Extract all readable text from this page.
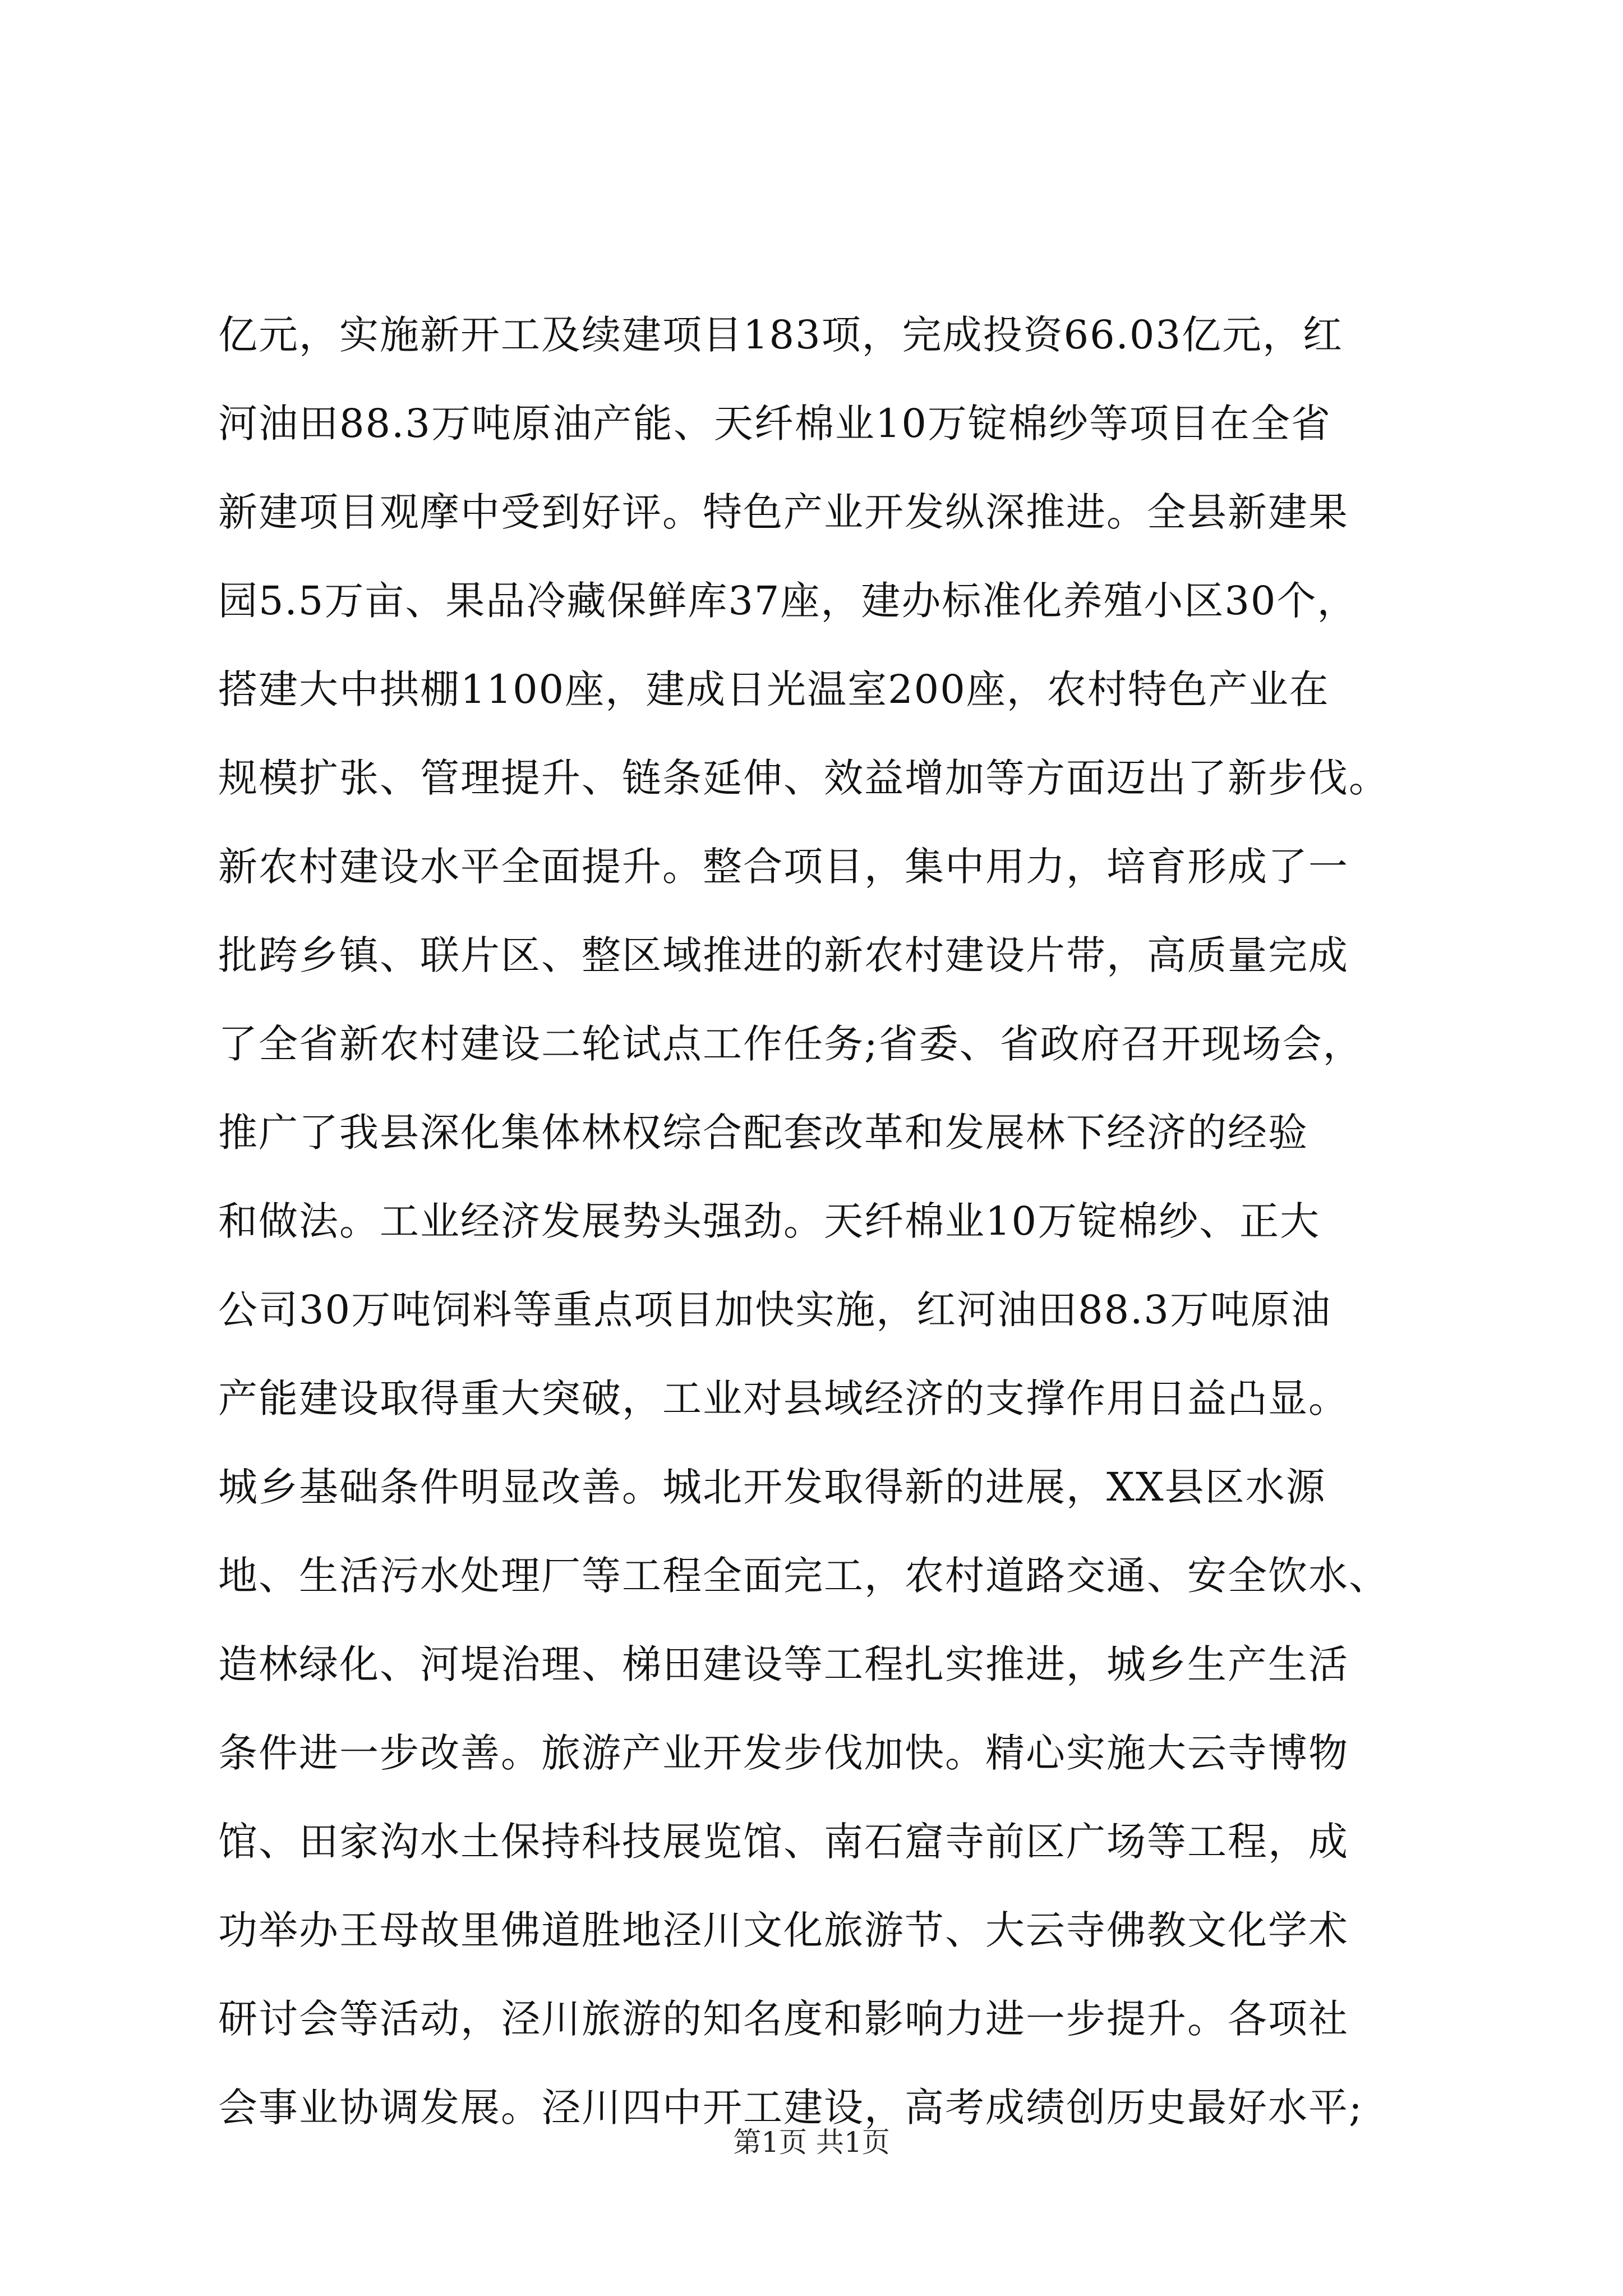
亿元，实施新开工及续建项目183项，完成投资66.03亿元，红
河油田88.3万吨原油产能、天纤棉业10万锭棉纱等项目在全省
新建项目观摩中受到好评。特色产业开发纵深推进。全县新建果
园5.5万亩、果品冷藏保鲜库37座，建办标准化养殖小区30个，
搭建大中拱棚1100座，建成日光温室200座，农村特色产业在
规模扩张、管理提升、链条延伸、效益增加等方面迈出了新步伐。
新农村建设水平全面提升。整合项目，集中用力，培育形成了一
批跨乡镇、联片区、整区域推进的新农村建设片带，高质量完成
了全省新农村建设二轮试点工作任务;省委、省政府召开现场会，
推广了我县深化集体林权综合配套改革和发展林下经济的经验
和做法。工业经济发展势头强劲。天纤棉业10万锭棉纱、正大
公司30万吨饲料等重点项目加快实施，红河油田88.3万吨原油
产能建设取得重大突破，工业对县域经济的支撑作用日益凸显。
城乡基础条件明显改善。城北开发取得新的进展，XX县区水源
地、生活污水处理厂等工程全面完工，农村道路交通、安全饮水、
造林绿化、河堤治理、梯田建设等工程扎实推进，城乡生产生活
条件进一步改善。旅游产业开发步伐加快。精心实施大云寺博物
馆、田家沟水土保持科技展览馆、南石窟寺前区广场等工程，成
功举办王母故里佛道胜地泾川文化旅游节、大云寺佛教文化学术
研讨会等活动，泾川旅游的知名度和影响力进一步提升。各项社
会事业协调发展。泾川四中开工建设，高考成绩创历史最好水平;
第1页 共1页
